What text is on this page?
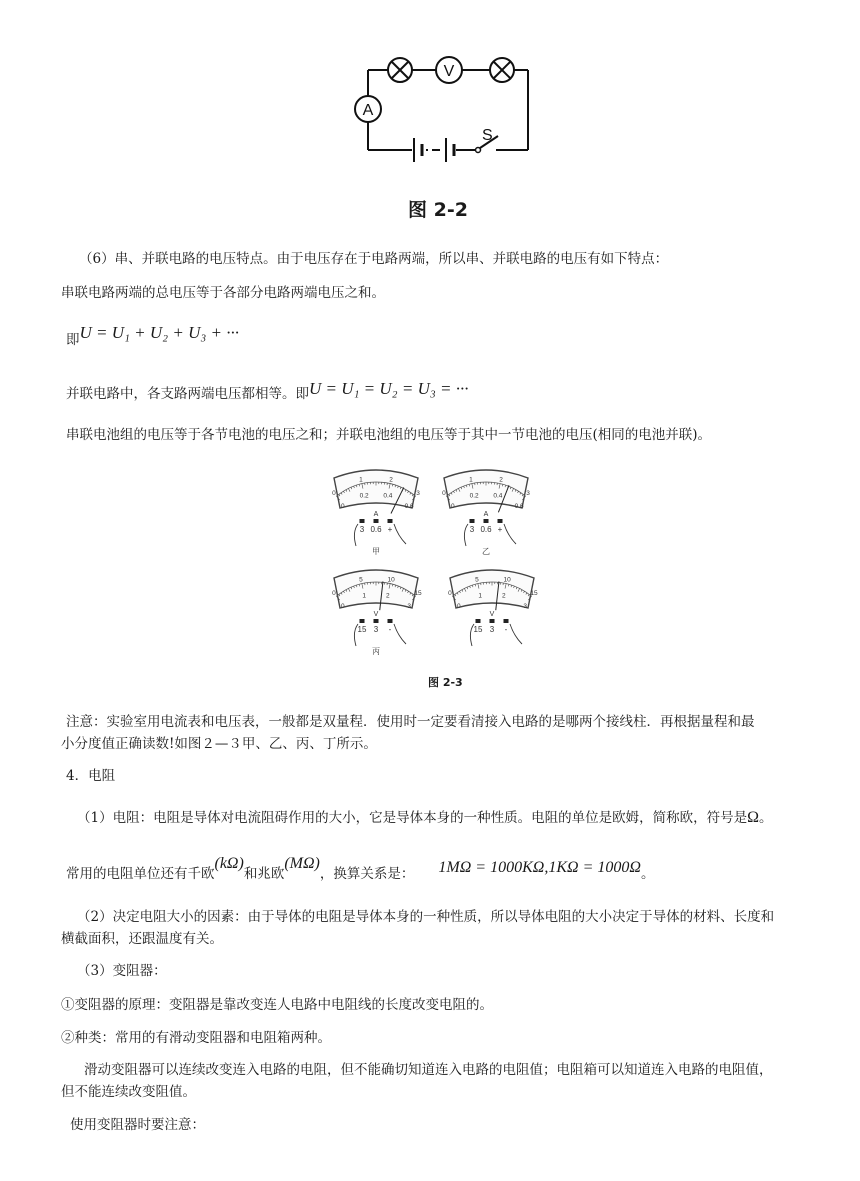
V
A
S
图 2-2
（6）串、并联电路的电压特点。由于电压存在于电路两端，所以串、并联电路的电压有如下特点：
串联电路两端的总电压等于各部分电路两端电压之和。
$_即$U = U₁ + U₂ + U₃ + ···
$_{并联电路中,各支路两端电压都相等。即}$U = U₁ = U₂ = U₃ = ···
串联电池组的电压等于各节电池的电压之和；并联电池组的电压等于其中一节电池的电压(相同的电池并联)。
0
1	2
3
0
0.2 0.4
0.6
A
3 0.6 +
甲
0
1	2
3
0
0.2 0.4
0.6
A
3 0.6 +
乙
0
5	10
15
0
1	2
3
V
15 3 -
丙
0
5	10
15
0
1	2
3
V
15 3 -
图 2-3
注意：实验室用电流表和电压表，一般都是双量程．使用时一定要看清接入电路的是哪两个接线柱．再根据量程和最
小分度值正确读数!如图２—３甲、乙、丙、丁所示。
4．电阻
（1）电阻：电阻是导体对电流阻碍作用的大小，它是导体本身的一种性质。电阻的单位是欧姆，简称欧，符号是Ω。
常用的电阻单位还有千欧(kΩ)和兆欧(MΩ)，换算关系是： 1MΩ = 1000KΩ,1KΩ = 1000Ω。
（2）决定电阻大小的因素：由于导体的电阻是导体本身的一种性质，所以导体电阻的大小决定于导体的材料、长度和
横截面积，还跟温度有关。
（3）变阻器：
①变阻器的原理：变阻器是靠改变连人电路中电阻线的长度改变电阻的。
②种类：常用的有滑动变阻器和电阻箱两种。
滑动变阻器可以连续改变连入电路的电阻，但不能确切知道连入电路的电阻值；电阻箱可以知道连入电路的电阻值，
但不能连续改变阻值。
使用变阻器时要注意：
